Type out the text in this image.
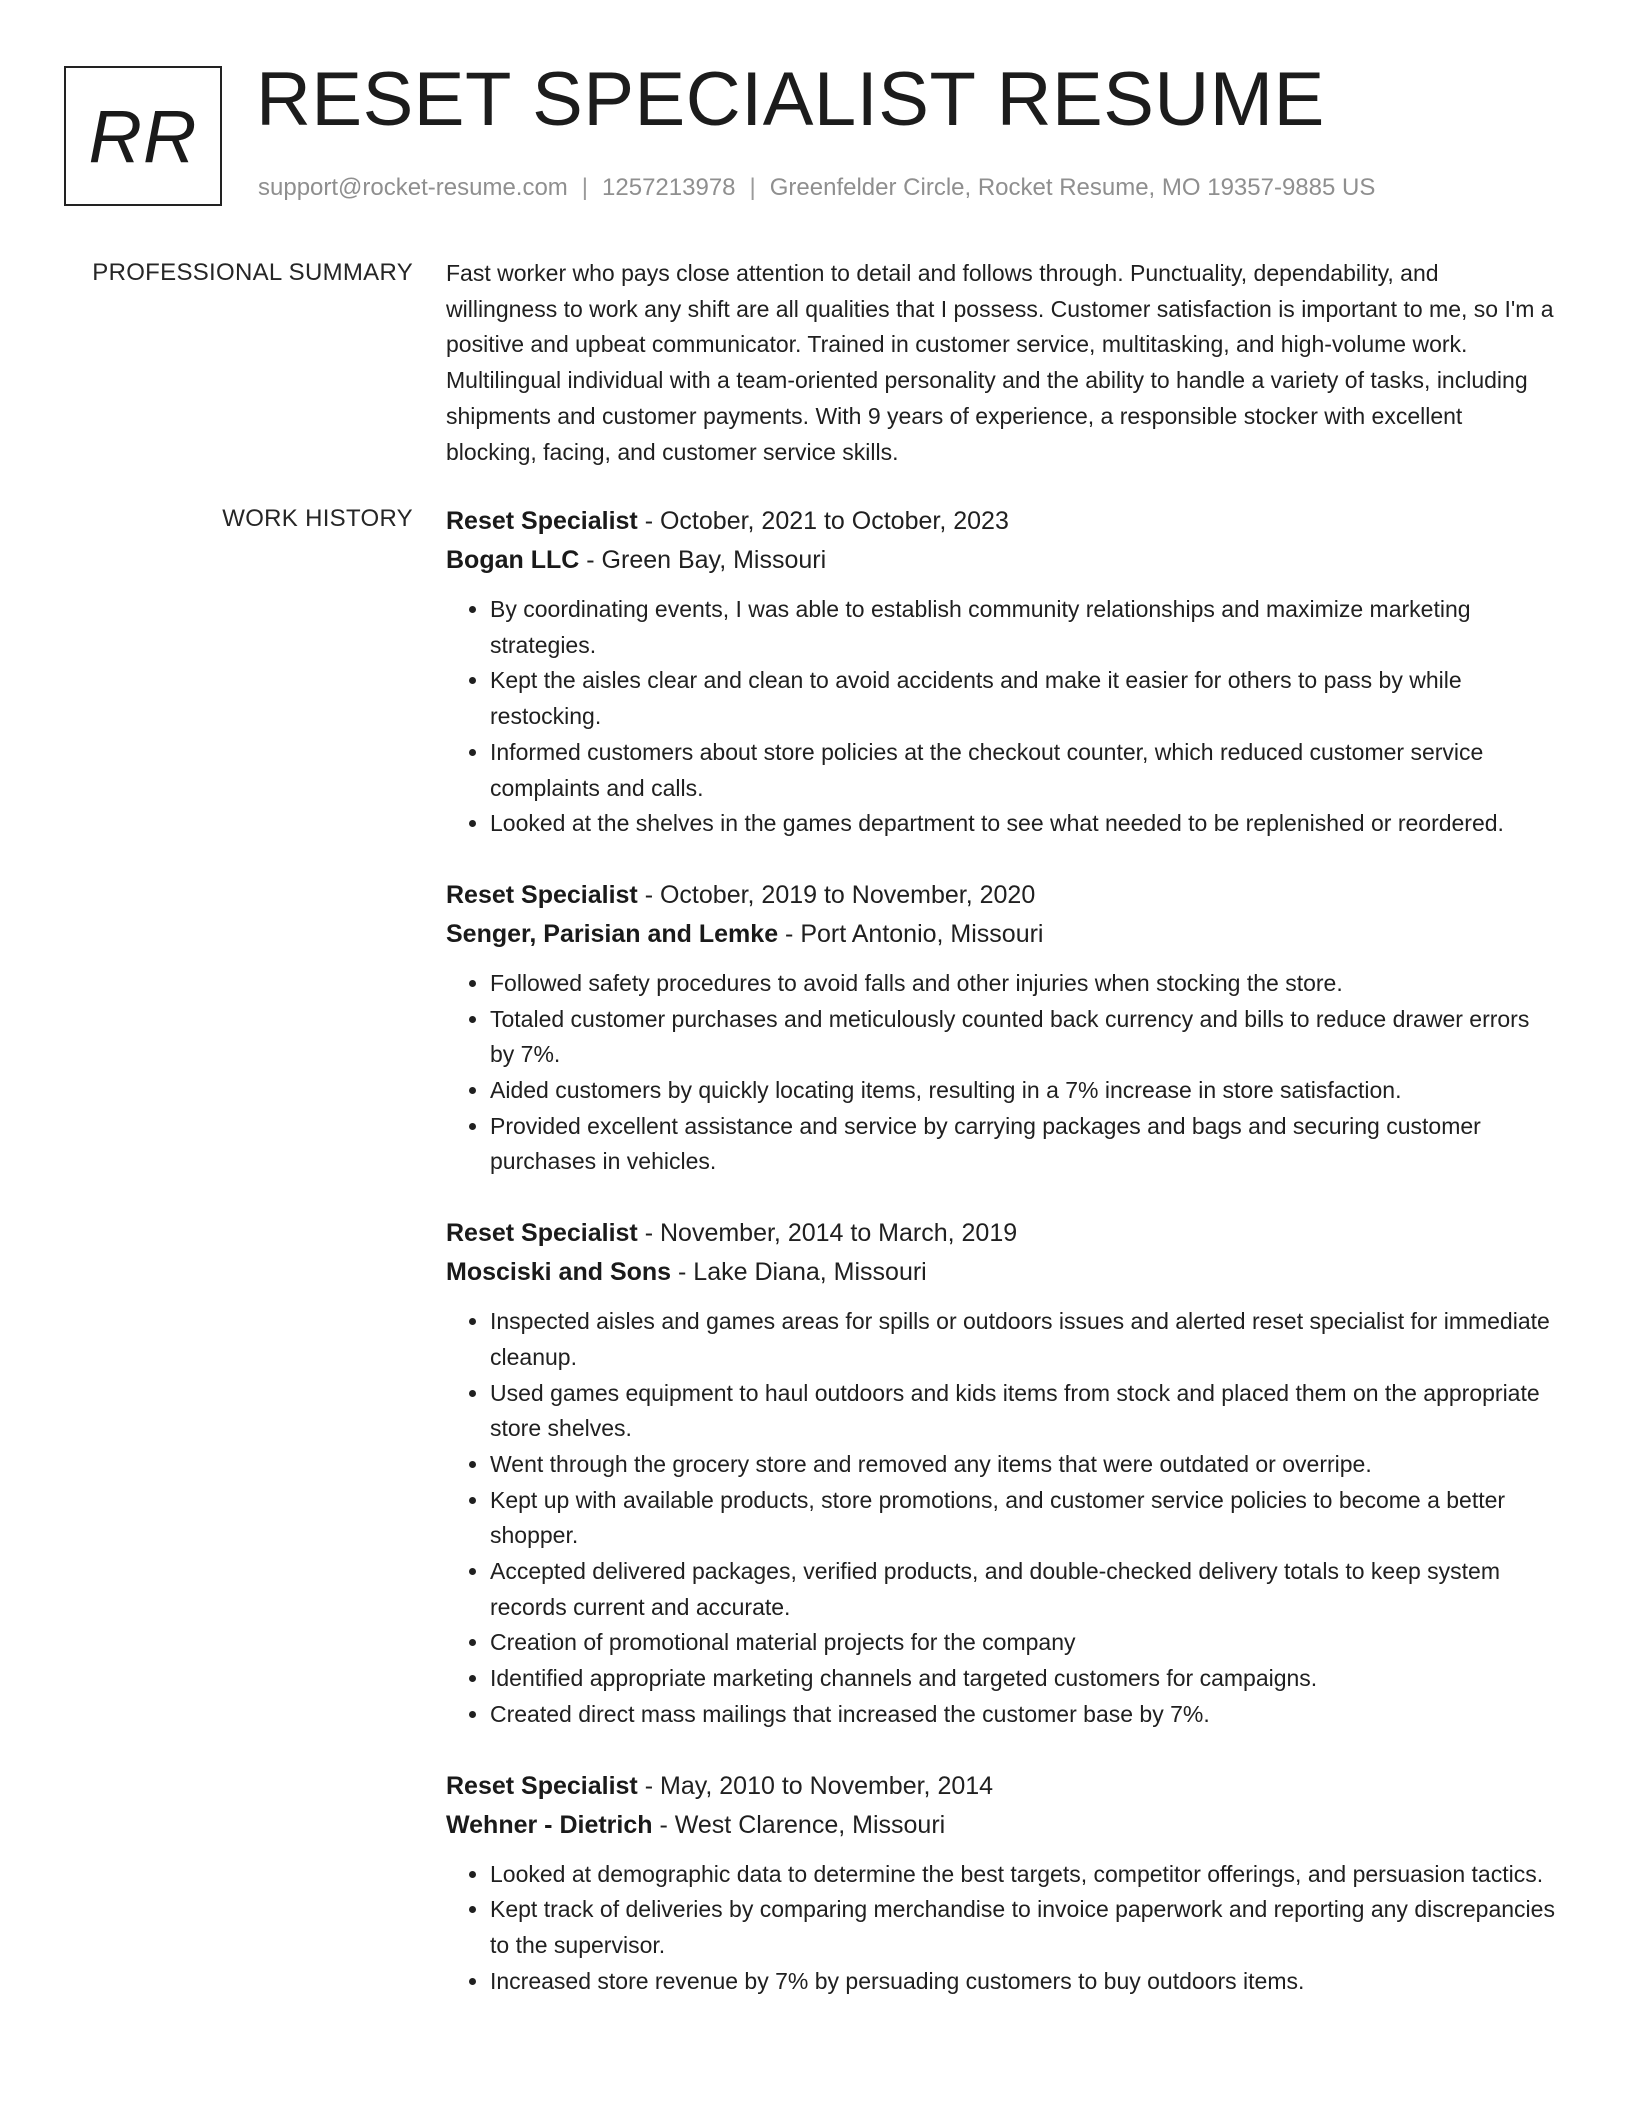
RR RESET SPECIALIST RESUME
support@rocket-resume.com | 1257213978 | Greenfelder Circle, Rocket Resume, MO 19357-9885 US
PROFESSIONAL SUMMARY Fast worker who pays close attention to detail and follows through. Punctuality, dependability, and willingness to work any shift are all qualities that I possess. Customer satisfaction is important to me, so I'm a positive and upbeat communicator. Trained in customer service, multitasking, and high-volume work. Multilingual individual with a team-oriented personality and the ability to handle a variety of tasks, including shipments and customer payments. With 9 years of experience, a responsible stocker with excellent blocking, facing, and customer service skills.

WORK HISTORY Reset Specialist - October, 2021 to October, 2023
Bogan LLC - Green Bay, Missouri
• By coordinating events, I was able to establish community relationships and maximize marketing strategies.
• Kept the aisles clear and clean to avoid accidents and make it easier for others to pass by while restocking.
• Informed customers about store policies at the checkout counter, which reduced customer service complaints and calls.
• Looked at the shelves in the games department to see what needed to be replenished or reordered.
Reset Specialist - October, 2019 to November, 2020
Senger, Parisian and Lemke - Port Antonio, Missouri
• Followed safety procedures to avoid falls and other injuries when stocking the store.
• Totaled customer purchases and meticulously counted back currency and bills to reduce drawer errors by 7%.
• Aided customers by quickly locating items, resulting in a 7% increase in store satisfaction.
• Provided excellent assistance and service by carrying packages and bags and securing customer purchases in vehicles.
Reset Specialist - November, 2014 to March, 2019
Mosciski and Sons - Lake Diana, Missouri
• Inspected aisles and games areas for spills or outdoors issues and alerted reset specialist for immediate cleanup.
• Used games equipment to haul outdoors and kids items from stock and placed them on the appropriate store shelves.
• Went through the grocery store and removed any items that were outdated or overripe.
• Kept up with available products, store promotions, and customer service policies to become a better shopper.
• Accepted delivered packages, verified products, and double-checked delivery totals to keep system records current and accurate.
• Creation of promotional material projects for the company
• Identified appropriate marketing channels and targeted customers for campaigns.
• Created direct mass mailings that increased the customer base by 7%.
Reset Specialist - May, 2010 to November, 2014
Wehner - Dietrich - West Clarence, Missouri
• Looked at demographic data to determine the best targets, competitor offerings, and persuasion tactics.
• Kept track of deliveries by comparing merchandise to invoice paperwork and reporting any discrepancies to the supervisor.
• Increased store revenue by 7% by persuading customers to buy outdoors items.
